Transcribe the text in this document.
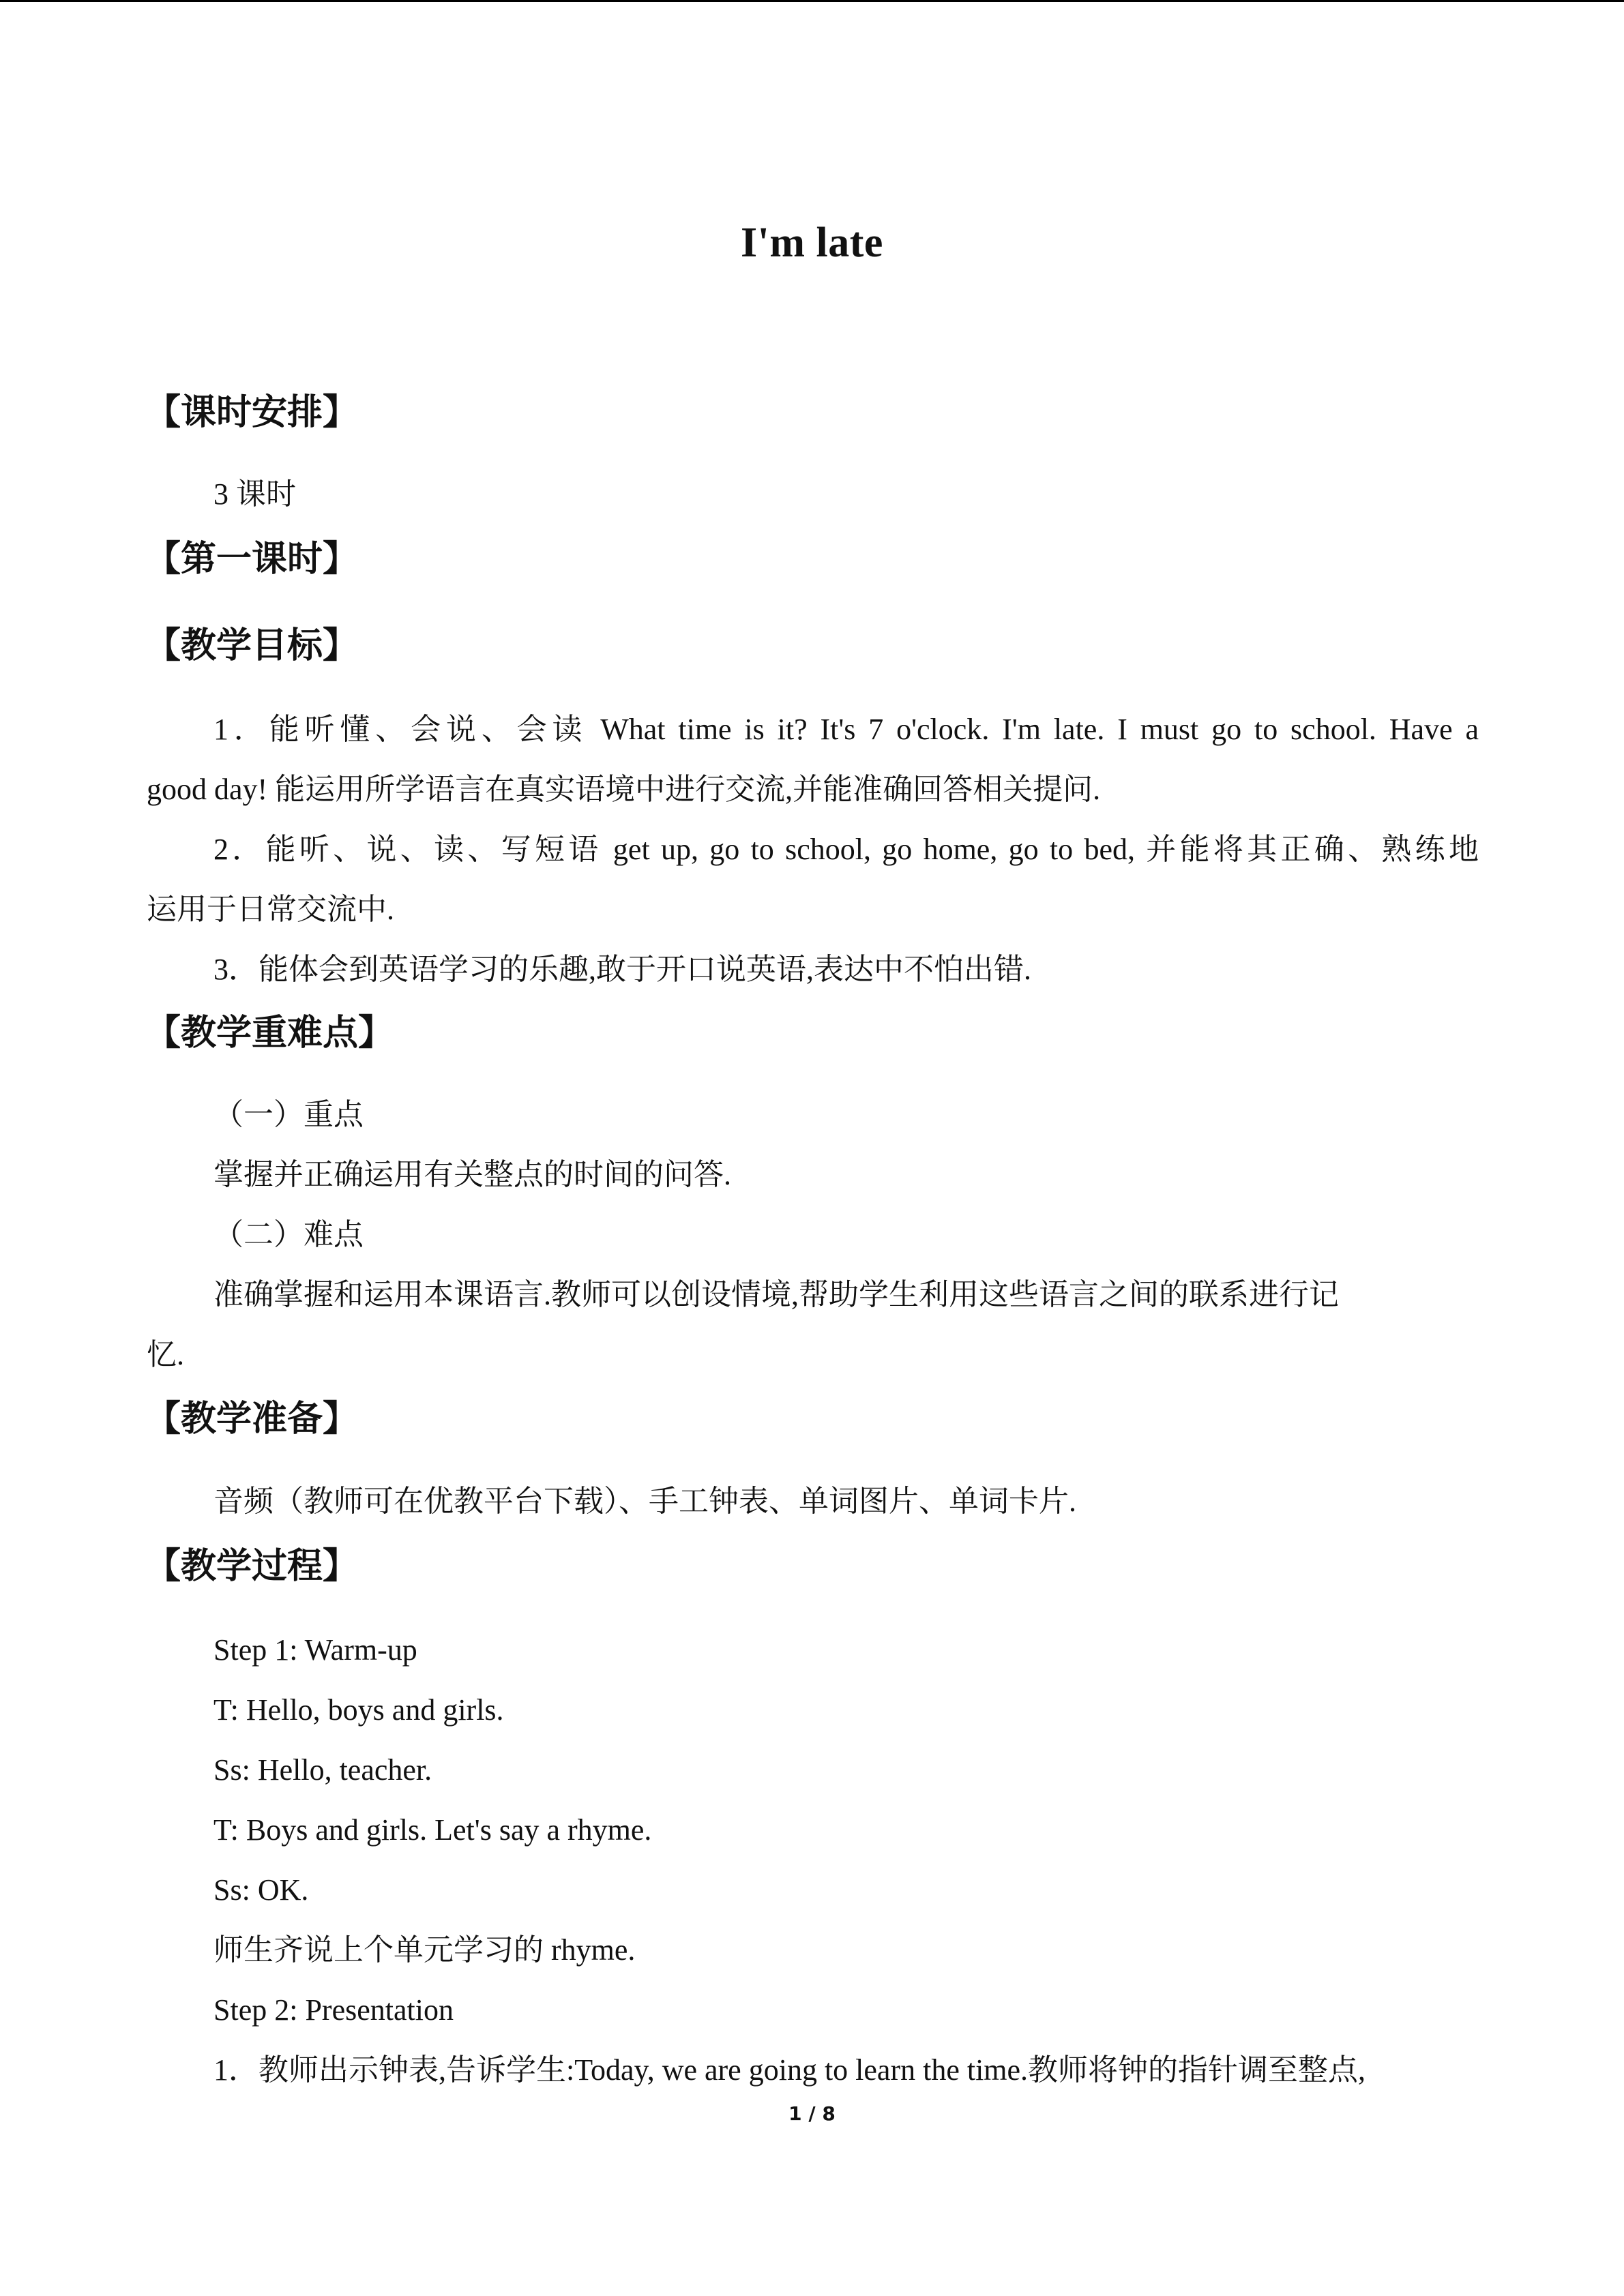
I'm late
【课时安排】
3 课时
【第一课时】
【教学目标】
1．能听懂、会说、会读 What time is it? It's 7 o'clock. I'm late. I must go to school. Have a
good day! 能运用所学语言在真实语境中进行交流,并能准确回答相关提问.
2．能听、说、读、写短语 get up, go to school, go home, go to bed, 并能将其正确、熟练地
运用于日常交流中.
3．能体会到英语学习的乐趣,敢于开口说英语,表达中不怕出错.
【教学重难点】
（一）重点
掌握并正确运用有关整点的时间的问答.
（二）难点
准确掌握和运用本课语言.教师可以创设情境,帮助学生利用这些语言之间的联系进行记
忆.
【教学准备】
音频（教师可在优教平台下载）、手工钟表、单词图片、单词卡片.
【教学过程】
Step 1: Warm-up
T: Hello, boys and girls.
Ss: Hello, teacher.
T: Boys and girls. Let's say a rhyme.
Ss: OK.
师生齐说上个单元学习的 rhyme.
Step 2: Presentation
1．教师出示钟表,告诉学生:Today, we are going to learn the time.教师将钟的指针调至整点,
1 / 8
